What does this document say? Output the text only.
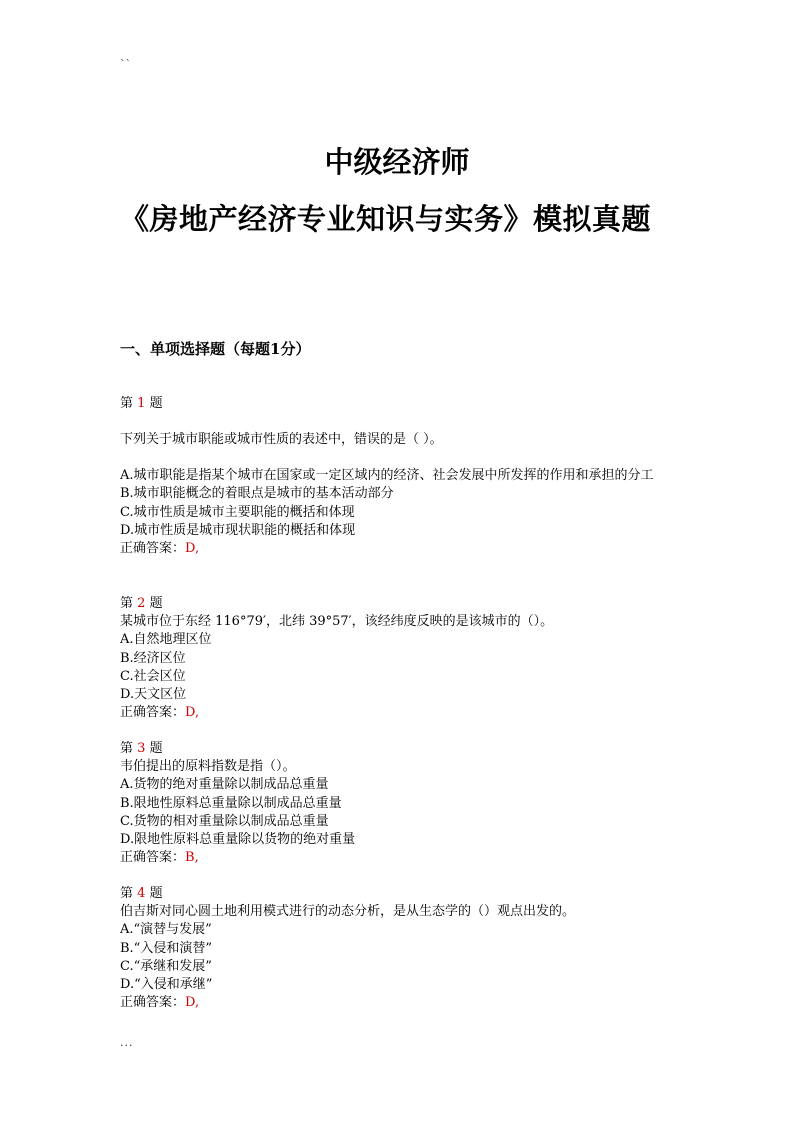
``
中级经济师
《房地产经济专业知识与实务》模拟真题
一、单项选择题（每题1分）
第 1 题
下列关于城市职能或城市性质的表述中，错误的是（ ）。
A.城市职能是指某个城市在国家或一定区域内的经济、社会发展中所发挥的作用和承担的分工
B.城市职能概念的着眼点是城市的基本活动部分
C.城市性质是城市主要职能的概括和体现
D.城市性质是城市现状职能的概括和体现
正确答案：D,
第 2 题
某城市位于东经 116°79′，北纬 39°57′，该经纬度反映的是该城市的（）。
A.自然地理区位
B.经济区位
C.社会区位
D.天文区位
正确答案：D,
第 3 题
韦伯提出的原料指数是指（）。
A.货物的绝对重量除以制成品总重量
B.限地性原料总重量除以制成品总重量
C.货物的相对重量除以制成品总重量
D.限地性原料总重量除以货物的绝对重量
正确答案：B,
第 4 题
伯吉斯对同心圆土地利用模式进行的动态分析，是从生态学的（）观点出发的。
A.“演替与发展”
B.“入侵和演替”
C.“承继和发展”
D.“入侵和承继”
正确答案：D,
...
